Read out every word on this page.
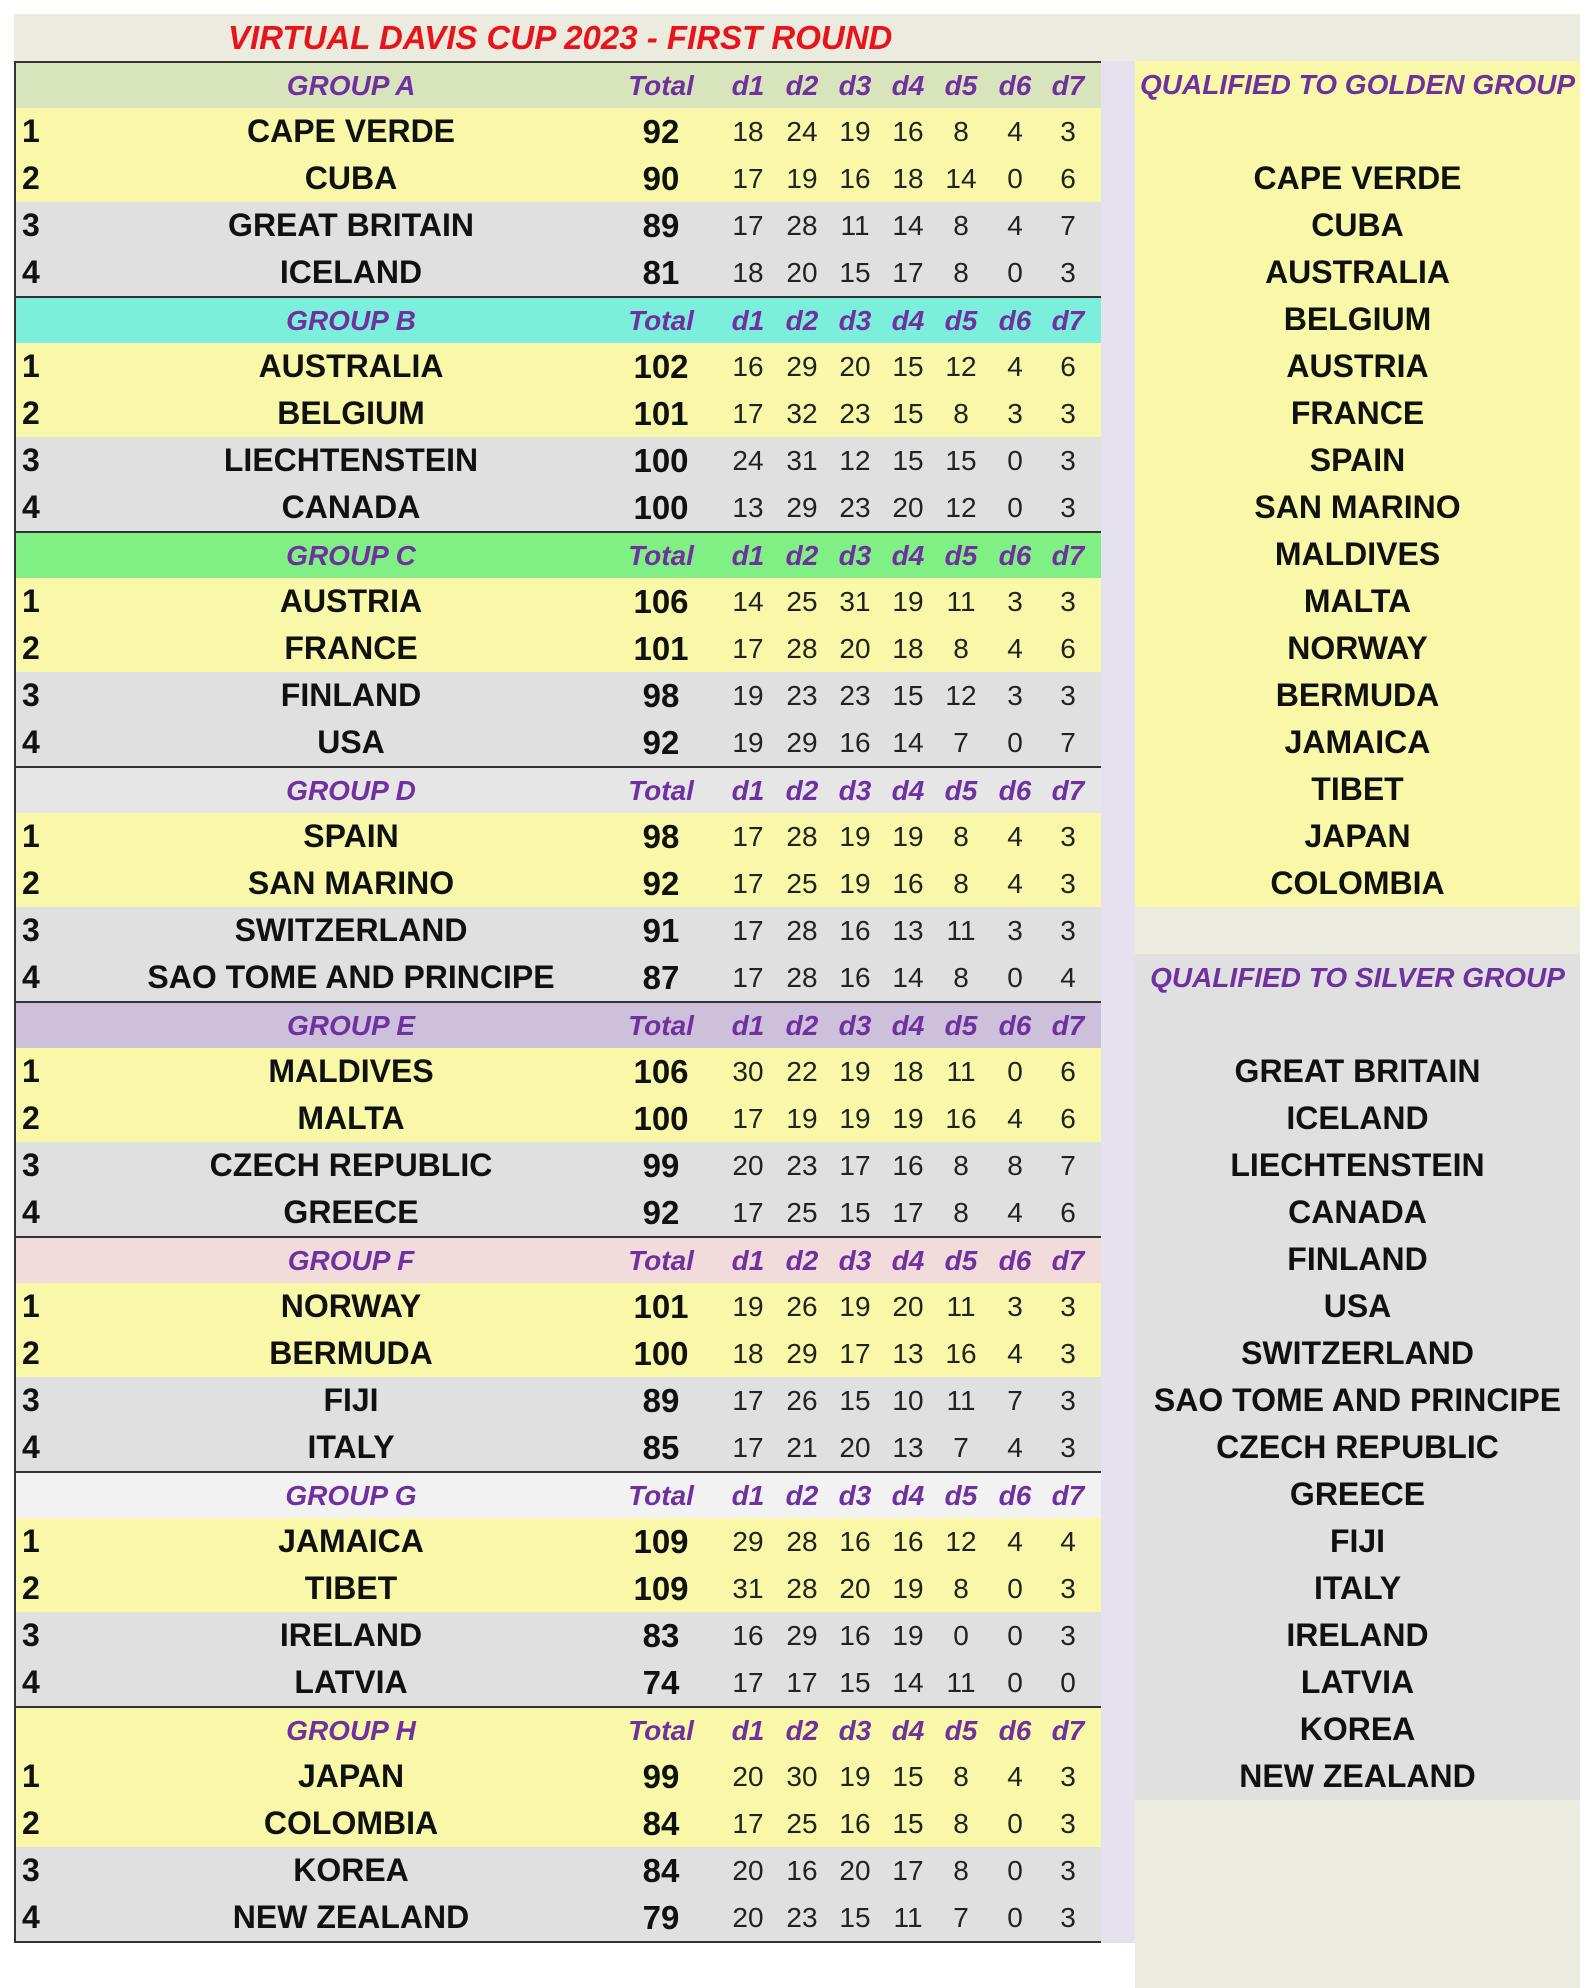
VIRTUAL DAVIS CUP 2023 - FIRST ROUND
GROUP A	Total	d1 d2 d3 d4 d5 d6 d7
1	CAPE VERDE	92	18 24 19 16	8	4	3
2	CUBA	90	17 19 16 18 14	0	6
3	GREAT BRITAIN	89	17 28 11 14	8	4	7
4	ICELAND	81	18 20 15 17	8	0	3
GROUP B	Total	d1 d2 d3 d4 d5 d6 d7
1	AUSTRALIA	102	16 29 20 15 12	4	6
2	BELGIUM	101	17 32 23 15	8	3	3
3	LIECHTENSTEIN	100	24 31 12 15 15	0	3
4	CANADA	100	13 29 23 20 12	0	3
GROUP C	Total	d1 d2 d3 d4 d5 d6 d7
1	AUSTRIA	106	14 25 31 19 11	3	3
2	FRANCE	101	17 28 20 18	8	4	6
3	FINLAND	98	19 23 23 15 12	3	3
4	USA	92	19 29 16 14	7	0	7
GROUP D	Total	d1 d2 d3 d4 d5 d6 d7
1	SPAIN	98	17 28 19 19	8	4	3
2	SAN MARINO	92	17 25 19 16	8	4	3
3	SWITZERLAND	91	17 28 16 13 11	3	3
4	SAO TOME AND PRINCIPE	87	17 28 16 14	8	0	4
GROUP E	Total	d1 d2 d3 d4 d5 d6 d7
1	MALDIVES	106	30 22 19 18 11	0	6
2	MALTA	100	17 19 19 19 16	4	6
3	CZECH REPUBLIC	99	20 23 17 16	8	8	7
4	GREECE	92	17 25 15 17	8	4	6
GROUP F	Total	d1 d2 d3 d4 d5 d6 d7
1	NORWAY	101	19 26 19 20 11	3	3
2	BERMUDA	100	18 29 17 13 16	4	3
3	FIJI	89	17 26 15 10 11	7	3
4	ITALY	85	17 21 20 13	7	4	3
GROUP G	Total	d1 d2 d3 d4 d5 d6 d7
1	JAMAICA	109	29 28 16 16 12	4	4
2	TIBET	109	31 28 20 19	8	0	3
3	IRELAND	83	16 29 16 19	0	0	3
4	LATVIA	74	17 17 15 14 11	0	0
GROUP H	Total	d1 d2 d3 d4 d5 d6 d7
1	JAPAN	99	20 30 19 15	8	4	3
2	COLOMBIA	84	17 25 16 15	8	0	3
3	KOREA	84	20 16 20 17	8	0	3
4	NEW ZEALAND	79	20 23 15 11	7	0	3
QUALIFIED TO GOLDEN GROUP
CAPE VERDE
CUBA
AUSTRALIA
BELGIUM
AUSTRIA
FRANCE
SPAIN
SAN MARINO
MALDIVES
MALTA
NORWAY
BERMUDA
JAMAICA
TIBET
JAPAN
COLOMBIA
QUALIFIED TO SILVER GROUP
GREAT BRITAIN
ICELAND
LIECHTENSTEIN
CANADA
FINLAND
USA
SWITZERLAND
SAO TOME AND PRINCIPE
CZECH REPUBLIC
GREECE
FIJI
ITALY
IRELAND
LATVIA
KOREA
NEW ZEALAND
